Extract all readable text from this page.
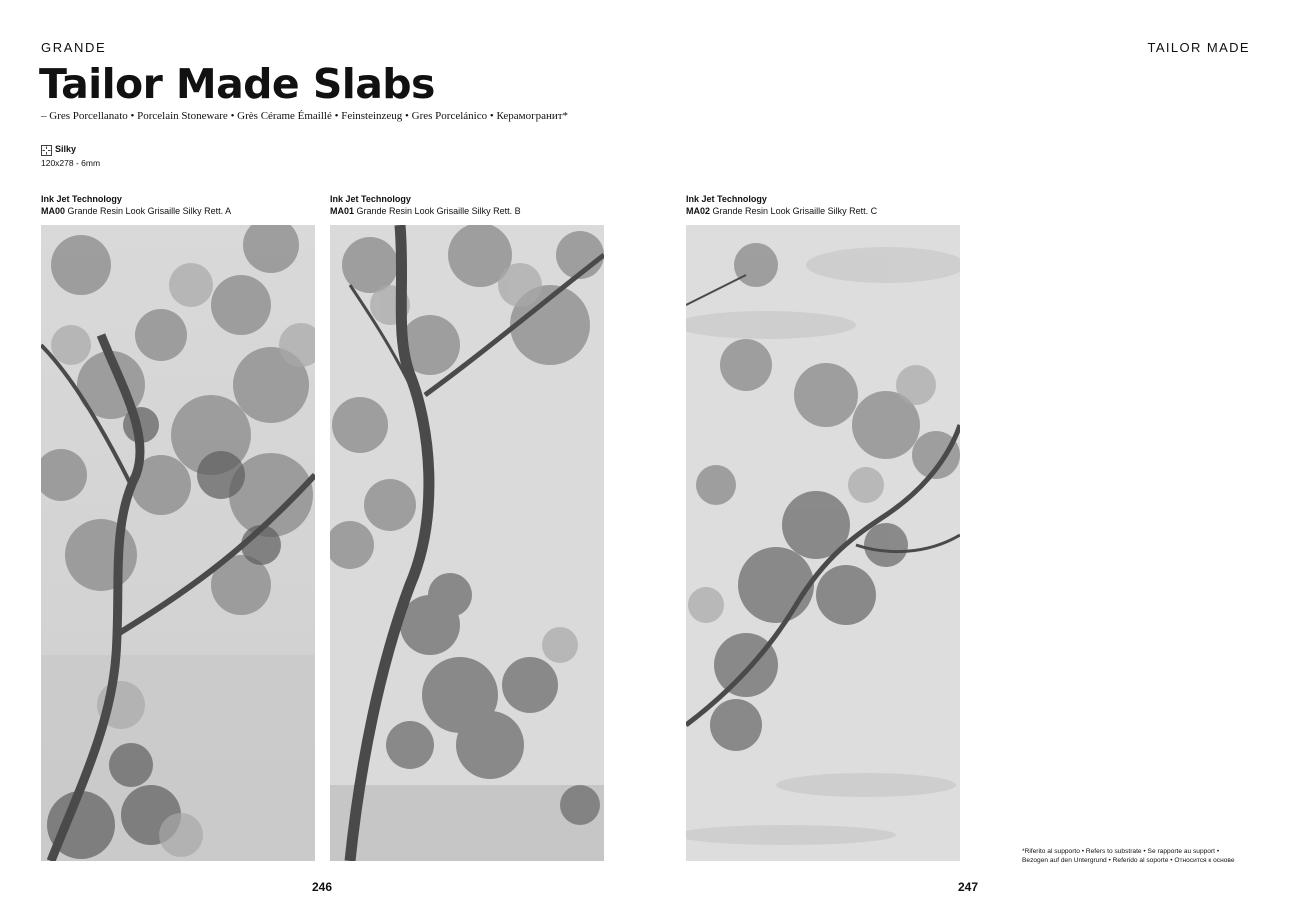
GRANDE	TAILOR MADE
Tailor Made Slabs
– Gres Porcellanato • Porcelain Stoneware • Grès Cérame Émaillé • Feinsteinzeug • Gres Porcelánico • Керамогранит*
Silky
120x278 - 6mm
Ink Jet Technology
MA00 Grande Resin Look Grisaille Silky Rett. A
Ink Jet Technology
MA01 Grande Resin Look Grisaille Silky Rett. B
Ink Jet Technology
MA02 Grande Resin Look Grisaille Silky Rett. C
246	247
*Riferito al supporto • Refers to substrate • Se rapporte au support •
Bezogen auf den Untergrund • Referido al soporte • Относится к основе
